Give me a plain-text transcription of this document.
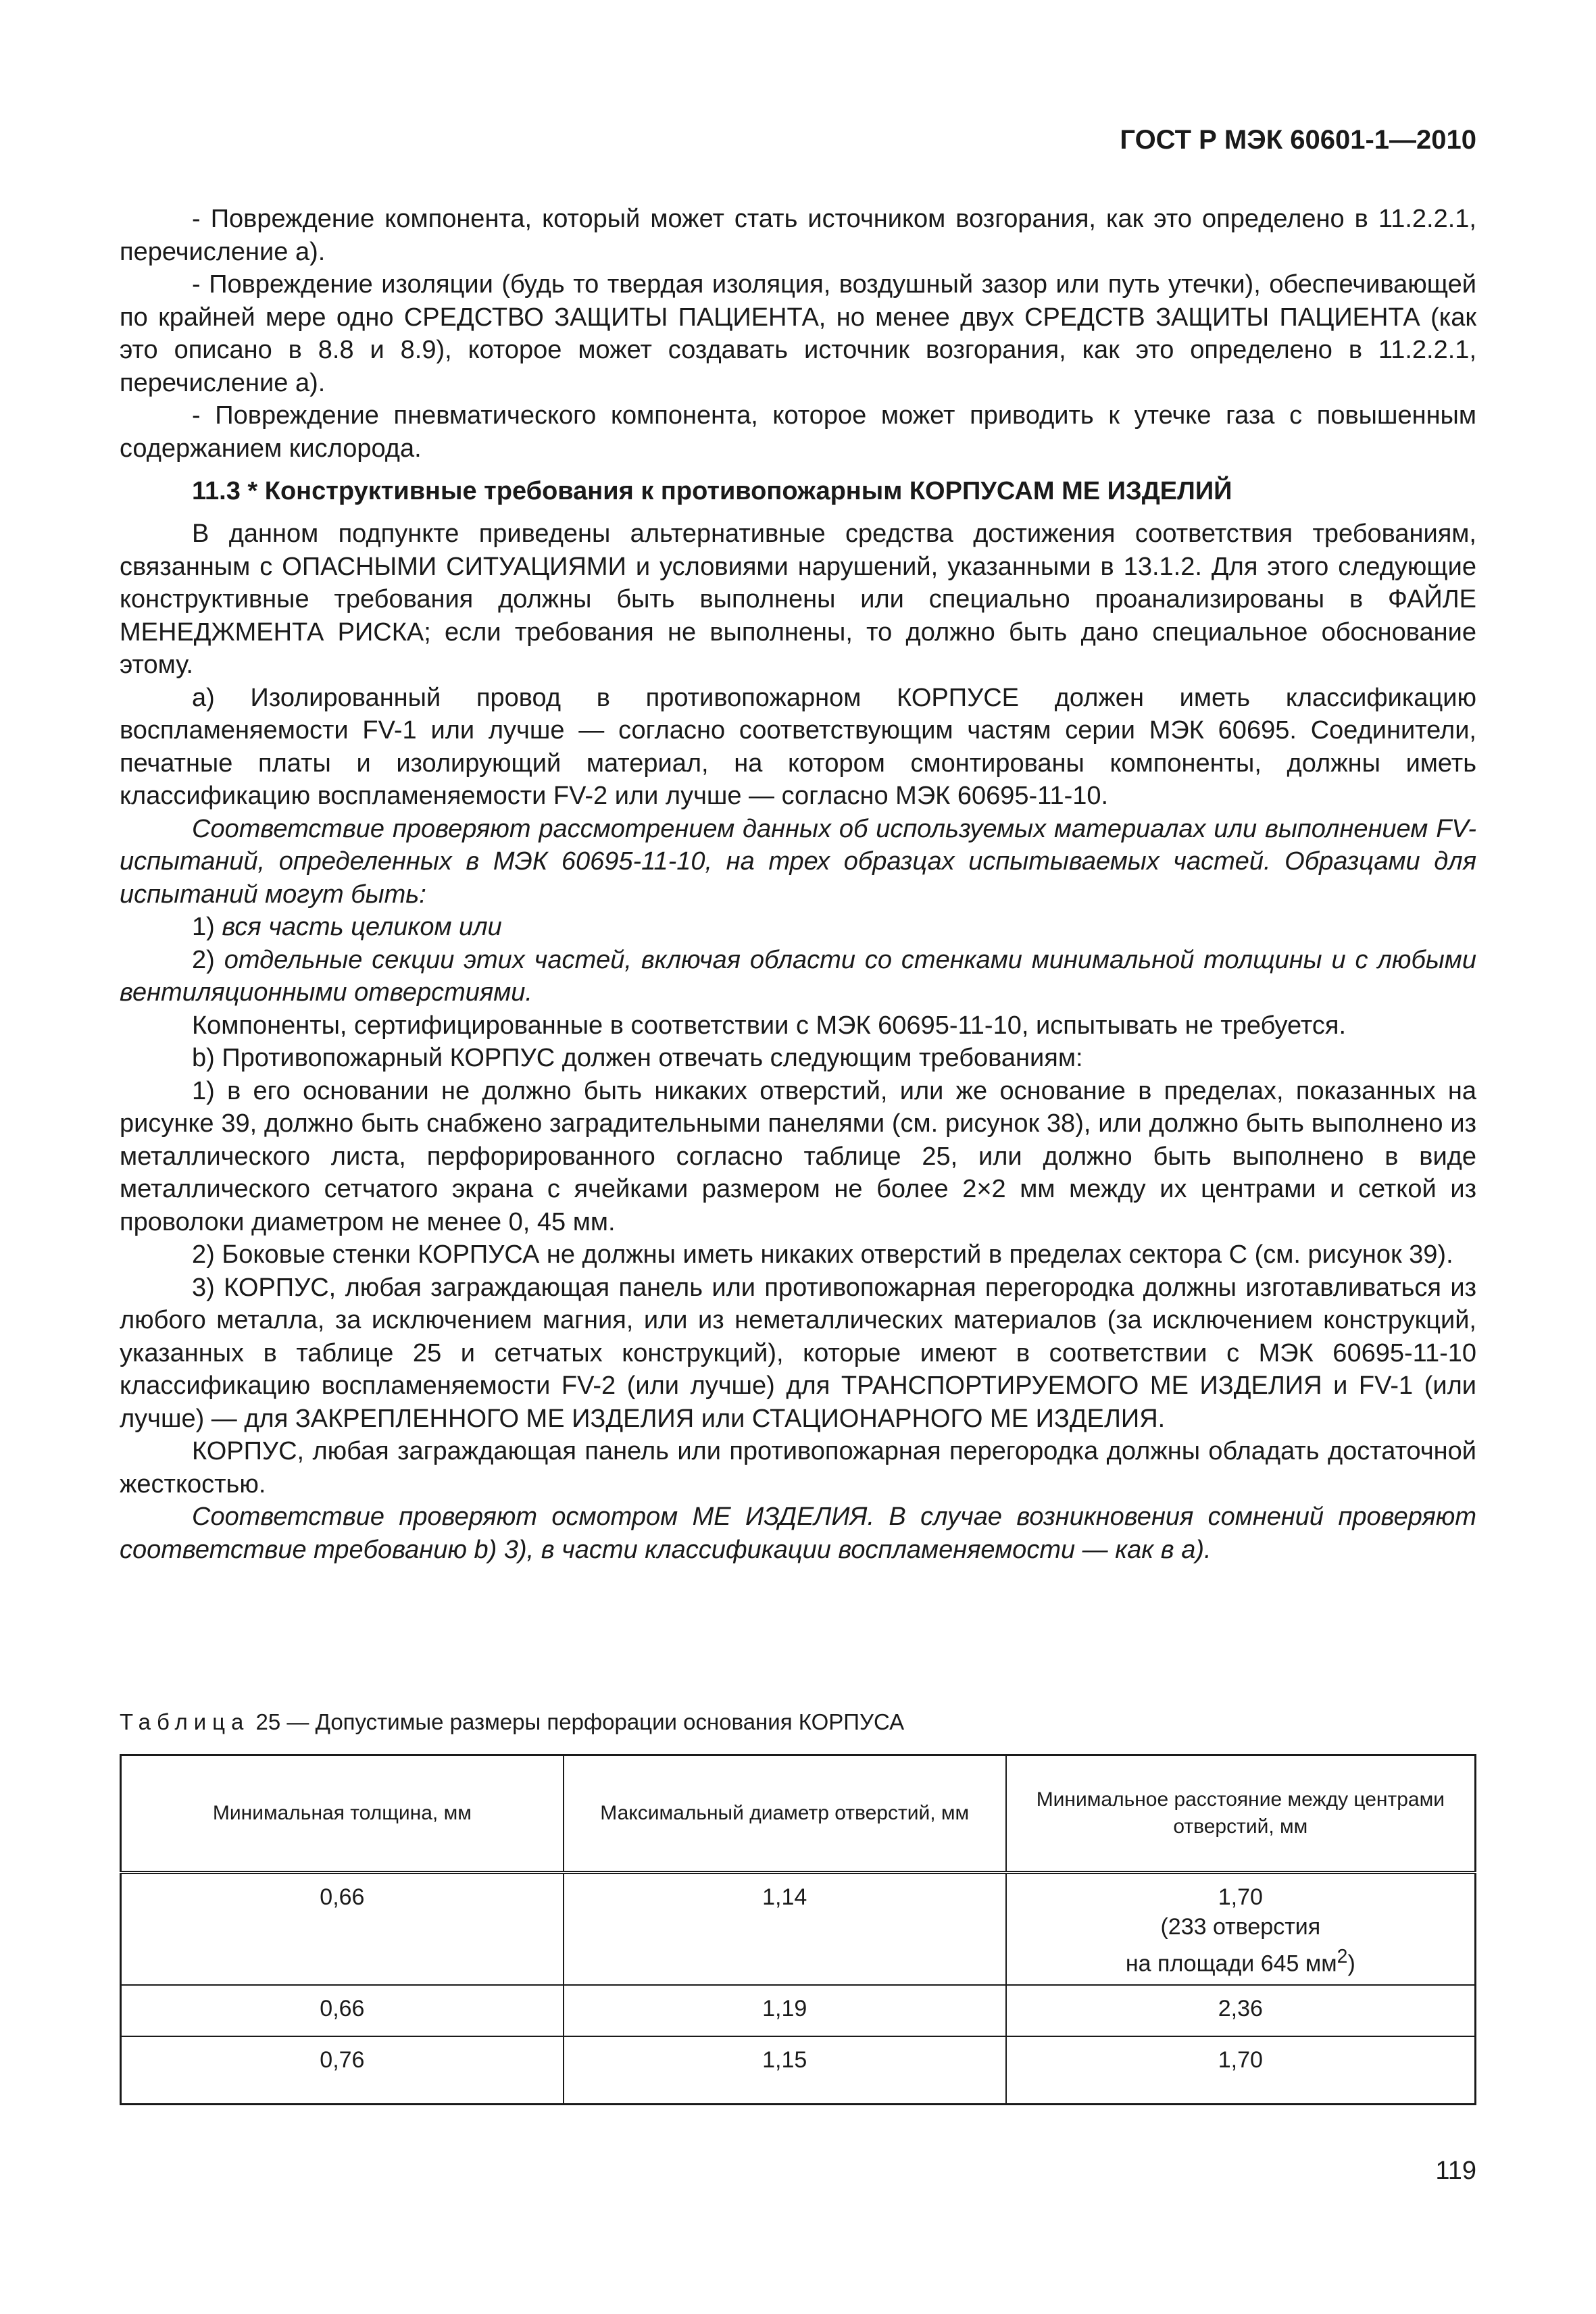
ГОСТ Р МЭК 60601-1—2010

- Повреждение компонента, который может стать источником возгорания, как это определено в 11.2.2.1, перечисление а).

- Повреждение изоляции (будь то твердая изоляция, воздушный зазор или путь утечки), обеспечивающей по крайней мере одно СРЕДСТВО ЗАЩИТЫ ПАЦИЕНТА, но менее двух СРЕДСТВ ЗАЩИТЫ ПАЦИЕНТА (как это описано в 8.8 и 8.9), которое может создавать источник возгорания, как это определено в 11.2.2.1, перечисление а).

- Повреждение пневматического компонента, которое может приводить к утечке газа с повышенным содержанием кислорода.

11.3 * Конструктивные требования к противопожарным КОРПУСАМ МЕ ИЗДЕЛИЙ

В данном подпункте приведены альтернативные средства достижения соответствия требованиям, связанным с ОПАСНЫМИ СИТУАЦИЯМИ и условиями нарушений, указанными в 13.1.2. Для этого следующие конструктивные требования должны быть выполнены или специально проанализированы в ФАЙЛЕ МЕНЕДЖМЕНТА РИСКА; если требования не выполнены, то должно быть дано специальное обоснование этому.

а) Изолированный провод в противопожарном КОРПУСЕ должен иметь классификацию воспламеняемости FV-1 или лучше — согласно соответствующим частям серии МЭК 60695. Соединители, печатные платы и изолирующий материал, на котором смонтированы компоненты, должны иметь классификацию воспламеняемости FV-2 или лучше — согласно МЭК 60695-11-10.

Соответствие проверяют рассмотрением данных об используемых материалах или выполнением FV-испытаний, определенных в МЭК 60695-11-10, на трех образцах испытываемых частей. Образцами для испытаний могут быть:

1) вся часть целиком или

2) отдельные секции этих частей, включая области со стенками минимальной толщины и с любыми вентиляционными отверстиями.

Компоненты, сертифицированные в соответствии с МЭК 60695-11-10, испытывать не требуется.

b) Противопожарный КОРПУС должен отвечать следующим требованиям:

1) в его основании не должно быть никаких отверстий, или же основание в пределах, показанных на рисунке 39, должно быть снабжено заградительными панелями (см. рисунок 38), или должно быть выполнено из металлического листа, перфорированного согласно таблице 25, или должно быть выполнено в виде металлического сетчатого экрана с ячейками размером не более 2×2 мм между их центрами и сеткой из проволоки диаметром не менее 0, 45 мм.

2) Боковые стенки КОРПУСА не должны иметь никаких отверстий в пределах сектора С (см. рисунок 39).

3) КОРПУС, любая заграждающая панель или противопожарная перегородка должны изготавливаться из любого металла, за исключением магния, или из неметаллических материалов (за исключением конструкций, указанных в таблице 25 и сетчатых конструкций), которые имеют в соответствии с МЭК 60695-11-10 классификацию воспламеняемости FV-2 (или лучше) для ТРАНСПОРТИРУЕМОГО МЕ ИЗДЕЛИЯ и FV-1 (или лучше) — для ЗАКРЕПЛЕННОГО МЕ ИЗДЕЛИЯ или СТАЦИОНАРНОГО МЕ ИЗДЕЛИЯ.

КОРПУС, любая заграждающая панель или противопожарная перегородка должны обладать достаточной жесткостью.

Соответствие проверяют осмотром МЕ ИЗДЕЛИЯ. В случае возникновения сомнений проверяют соответствие требованию b) 3), в части классификации воспламеняемости — как в а).

Таблица 25 — Допустимые размеры перфорации основания КОРПУСА
Минимальная толщина, мм	Максимальный диаметр отверстий, мм	Минимальное расстояние между центрами отверстий, мм
0,66	1,14	1,70
(233 отверстия
на площади 645 $мм^2$)

0,66	1,19	2,36
0,76	1,15	1,70
119
